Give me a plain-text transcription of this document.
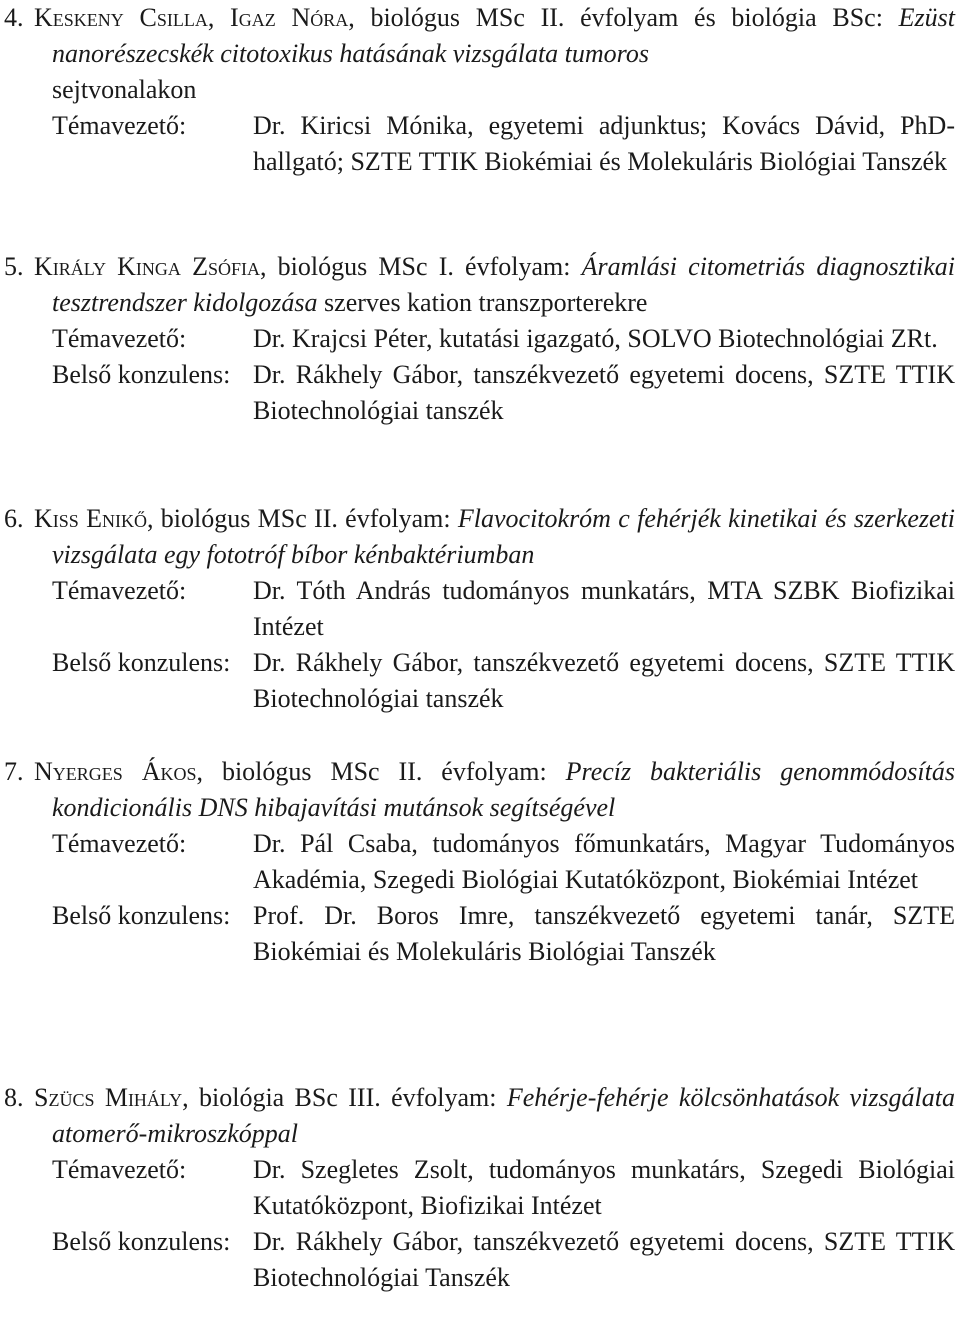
4. Keskeny Csilla, Igaz Nóra, biológus MSc II. évfolyam és biológia BSc: Ezüst nanorészecskék citotoxikus hatásának vizsgálata tumoros
sejtvonalakon
Témavezető:	Dr. Kiricsi Mónika, egyetemi adjunktus; Kovács Dávid, PhD-hallgató; SZTE TTIK Biokémiai és Molekuláris Biológiai Tanszék
5. Király Kinga Zsófia, biológus MSc I. évfolyam: Áramlási citometriás diagnosztikai tesztrendszer kidolgozása szerves kation transzporterekre
Témavezető:	Dr. Krajcsi Péter, kutatási igazgató, SOLVO Biotechnológiai ZRt.
Belső konzulens: Dr. Rákhely Gábor, tanszékvezető egyetemi docens, SZTE TTIK Biotechnológiai tanszék
6. Kiss Enikő, biológus MSc II. évfolyam: Flavocitokróm c fehérjék kinetikai és szerkezeti vizsgálata egy fototróf bíbor kénbaktériumban
Témavezető:	Dr. Tóth András tudományos munkatárs, MTA SZBK Biofizikai Intézet
Belső konzulens: Dr. Rákhely Gábor, tanszékvezető egyetemi docens, SZTE TTIK Biotechnológiai tanszék
7. Nyerges Ákos, biológus MSc II. évfolyam: Precíz bakteriális genommódosítás kondicionális DNS hibajavítási mutánsok segítségével
Témavezető:	Dr. Pál Csaba, tudományos főmunkatárs, Magyar Tudományos Akadémia, Szegedi Biológiai Kutatóközpont, Biokémiai Intézet
Belső konzulens: Prof. Dr. Boros Imre, tanszékvezető egyetemi tanár, SZTE Biokémiai és Molekuláris Biológiai Tanszék
8. Szücs Mihály, biológia BSc III. évfolyam: Fehérje-fehérje kölcsönhatások vizsgálata atomerő-mikroszkóppal
Témavezető:	Dr. Szegletes Zsolt, tudományos munkatárs, Szegedi Biológiai Kutatóközpont, Biofizikai Intézet
Belső konzulens: Dr. Rákhely Gábor, tanszékvezető egyetemi docens, SZTE TTIK Biotechnológiai Tanszék
